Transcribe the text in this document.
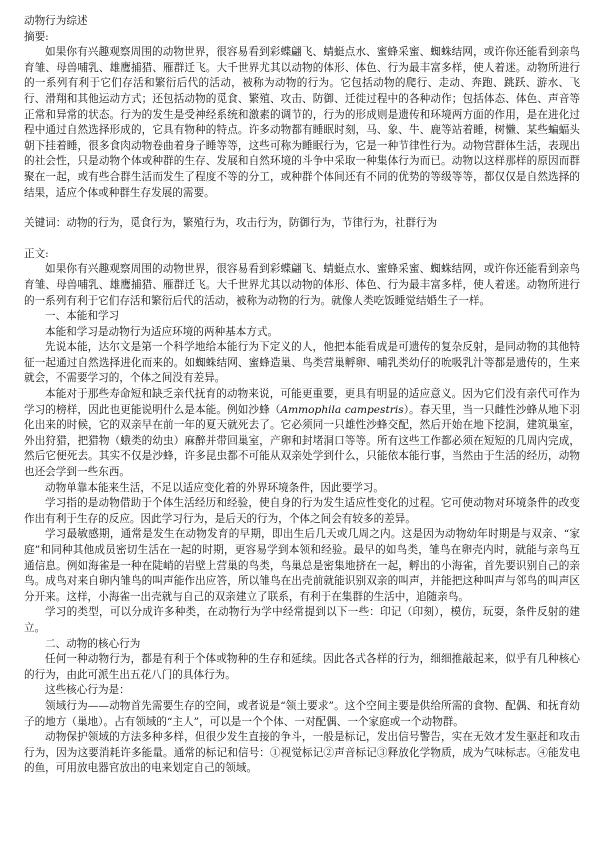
动物行为综述
摘要:
如果你有兴趣观察周围的动物世界，很容易看到彩蝶翩飞、蜻蜓点水、蜜蜂采蜜、蜘蛛结网，或许你还能看到亲鸟育雏、母兽哺乳、雄鹰捕猎、雁群迁飞。大千世界尤其以动物的体形、体色、行为最丰富多样，使人着迷。动物所进行的一系列有利于它们存活和繁衍后代的活动，被称为动物的行为。它包括动物的爬行、走动、奔跑、跳跃、游水、飞行、滑翔和其他运动方式；还包括动物的觅食、繁殖、攻击、防御、迁徙过程中的各种动作；包括体态、体色、声音等正常和异常的状态。行为的发生是受神经系统和激素的调节的，行为的形成则是遗传和环境两方面的作用，是在进化过程中通过自然选择形成的，它具有物种的特点。许多动物都有睡眠时刻，马、象、牛、鹿等站着睡，树懒、某些蝙蝠头朝下挂着睡，很多食肉动物卷曲着身子睡等等，这些可称为睡眠行为，它是一种节律性行为。动物营群体生活，表现出的社会性，只是动物个体或种群的生存、发展和自然环境的斗争中采取一种集体行为而已。动物以这样那样的原因而群聚在一起，或有些合群生活而发生了程度不等的分工，或种群个体间还有不同的优势的等级等等，都仅仅是自然选择的结果，适应个体或种群生存发展的需要。
关键词：动物的行为，觅食行为，繁殖行为，攻击行为，防御行为，节律行为，社群行为
正文:
如果你有兴趣观察周围的动物世界，很容易看到彩蝶翩飞、蜻蜓点水、蜜蜂采蜜、蜘蛛结网，或许你还能看到亲鸟育雏、母兽哺乳、雄鹰捕猎、雁群迁飞。大千世界尤其以动物的体形、体色、行为最丰富多样，使人着迷。动物所进行的一系列有利于它们存活和繁衍后代的活动，被称为动物的行为。就像人类吃饭睡觉结婚生子一样。
一、本能和学习
本能和学习是动物行为适应环境的两种基本方式。
先说本能，达尔文是第一个科学地给本能行为下定义的人，他把本能看成是可遗传的复杂反射，是同动物的其他特征一起通过自然选择进化而来的。如蜘蛛结网、蜜蜂造巢、鸟类营巢孵卵、哺乳类幼仔的吮吸乳汁等都是遗传的，生来就会，不需要学习的，个体之间没有差异。
本能对于那些寿命短和缺乏亲代抚育的动物来说，可能更重要，更具有明显的适应意义。因为它们没有亲代可作为学习的榜样，因此也更能说明什么是本能。例如沙蜂（Ammophila campestris）。春天里，当一只雌性沙蜂从地下羽化出来的时候，它的双亲早在前一年的夏天就死去了。它必须同一只雄性沙蜂交配，然后开始在地下挖洞，建筑巢室，外出狩猎，把猎物（蛾类的幼虫）麻醉并带回巢室，产卵和封堵洞口等等。所有这些工作都必须在短短的几周内完成，然后它便死去。其实不仅是沙蜂，许多昆虫都不可能从双亲处学到什么，只能依本能行事，当然由于生活的经历，动物也还会学到一些东西。
动物单靠本能来生活，不足以适应变化着的外界环境条件，因此要学习。
学习指的是动物借助于个体生活经历和经验，使自身的行为发生适应性变化的过程。它可使动物对环境条件的改变作出有利于生存的反应。因此学习行为，是后天的行为，个体之间会有较多的差异。
学习最敏感期，通常是发生在动物发育的早期，即出生后几天或几周之内。这是因为动物幼年时期是与双亲、“家庭”和同种其他成员密切生活在一起的时期，更容易学到本领和经验。最早的如鸟类，雏鸟在卵壳内时，就能与亲鸟互通信息。例如海雀是一种在陡峭的岩壁上营巢的鸟类，鸟巢总是密集地挤在一起，孵出的小海雀，首先要识别自己的亲鸟。成鸟对来自卵内雏鸟的叫声能作出应答，所以雏鸟在出壳前就能识别双亲的叫声，并能把这种叫声与邻鸟的叫声区分开来。这样，小海雀一出壳就与自己的双亲建立了联系，有利于在集群的生活中，追随亲鸟。
学习的类型，可以分成许多种类，在动物行为学中经常提到以下一些：印记（印刻），模仿，玩耍，条件反射的建立。
二、动物的核心行为
任何一种动物行为，都是有利于个体或物种的生存和延续。因此各式各样的行为，细细推敲起来，似乎有几种核心的行为，由此可派生出五花八门的具体行为。
这些核心行为是：
领域行为——动物首先需要生存的空间，或者说是“领土要求”。这个空间主要是供给所需的食物、配偶、和抚育幼子的地方（巢地）。占有领域的“主人”，可以是一个个体、一对配偶、一个家庭或一个动物群。
动物保护领域的方法多种多样，但很少发生直接的争斗，一般是标记，发出信号警告，实在无效才发生驱赶和攻击行为，因为这要消耗许多能量。通常的标记和信号：①视觉标记②声音标记③释放化学物质，成为气味标志。④能发电的鱼，可用放电器官放出的电来划定自己的领域。
